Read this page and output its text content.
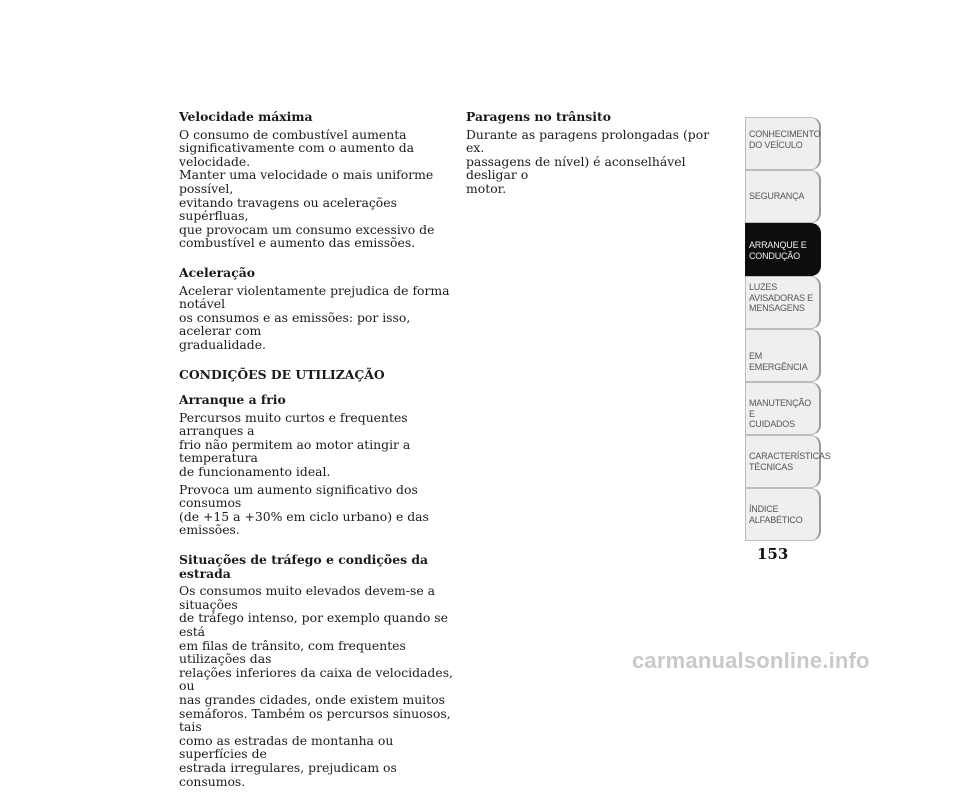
Velocidade máxima
O consumo de combustível aumenta
significativamente com o aumento da velocidade.
Manter uma velocidade o mais uniforme possível,
evitando travagens ou acelerações supérfluas,
que provocam um consumo excessivo de
combustível e aumento das emissões.
Aceleração
Acelerar violentamente prejudica de forma notável
os consumos e as emissões: por isso, acelerar com
gradualidade.
CONDIÇÕES DE UTILIZAÇÃO
Arranque a frio
Percursos muito curtos e frequentes arranques a
frio não permitem ao motor atingir a temperatura
de funcionamento ideal.
Provoca um aumento significativo dos consumos
(de +15 a +30% em ciclo urbano) e das emissões.
Situações de tráfego e condições da estrada
Os consumos muito elevados devem-se a situações
de tráfego intenso, por exemplo quando se está
em filas de trânsito, com frequentes utilizações das
relações inferiores da caixa de velocidades, ou
nas grandes cidades, onde existem muitos
semáforos. Também os percursos sinuosos, tais
como as estradas de montanha ou superfícies de
estrada irregulares, prejudicam os consumos.
Paragens no trânsito
Durante as paragens prolongadas (por ex.
passagens de nível) é aconselhável desligar o
motor.
CONHECIMENTO
DO VEÍCULO
SEGURANÇA
ARRANQUE E
CONDUÇÃO
LUZES
AVISADORAS E
MENSAGENS
EM EMERGÊNCIA
MANUTENÇÃO E
CUIDADOS
CARACTERÍSTICAS
TÉCNICAS
ÍNDICE
ALFABÉTICO
153
carmanualsonline.info
